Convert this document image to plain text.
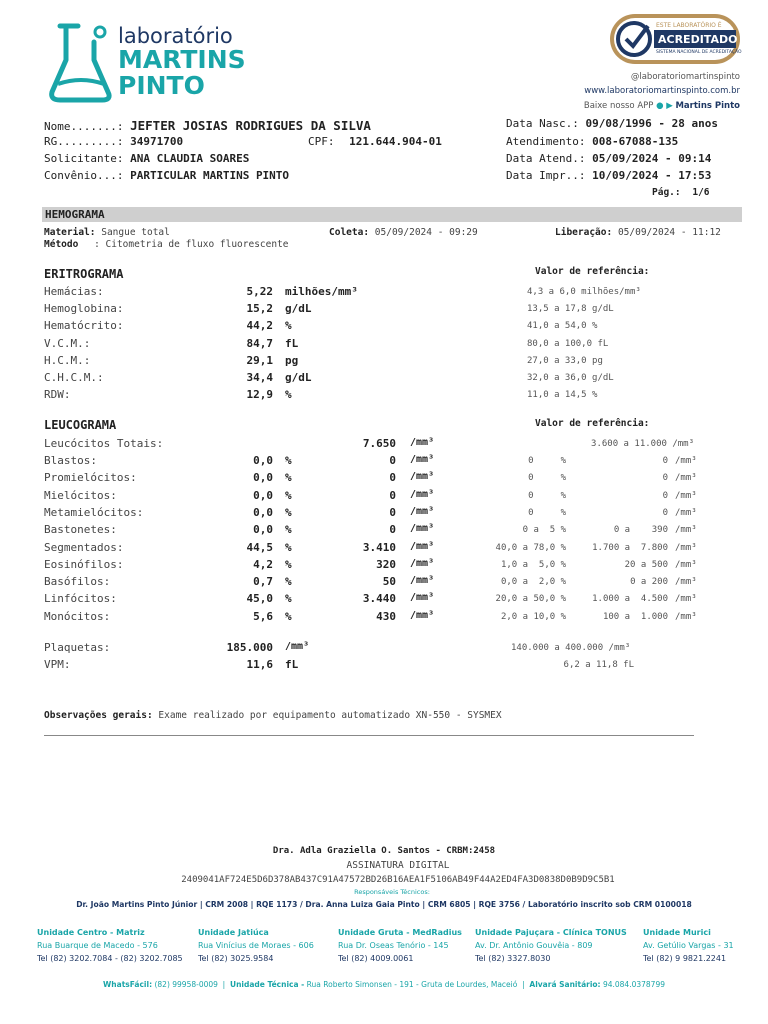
laboratório
MARTINS
PINTO
ESTE LABORATÓRIO É
ACREDITADO
SISTEMA NACIONAL DE ACREDITAÇÃO
@laboratoriomartinspinto
www.laboratoriomartinspinto.com.br
Baixe nosso APP ● ▶ Martins Pinto
Nome.......: JEFTER JOSIAS RODRIGUES DA SILVA
RG.........: 34971700	CPF: 121.644.904-01
Solicitante: ANA CLAUDIA SOARES
Convênio...: PARTICULAR MARTINS PINTO
Data Nasc.: 09/08/1996 - 28 anos
Atendimento: 008-67088-135
Data Atend.: 05/09/2024 - 09:14
Data Impr..: 10/09/2024 - 17:53
Pág.: 1/6
HEMOGRAMA
Material: Sangue total	Coleta: 05/09/2024 - 09:29	Liberação: 05/09/2024 - 11:12
Método : Citometria de fluxo fluorescente
ERITROGRAMA	Valor de referência:
Hemácias:	5,22 milhões/mm³	4,3 a 6,0 milhões/mm³
Hemoglobina:	15,2 g/dL	13,5 a 17,8 g/dL
Hematócrito:	44,2 %	41,0 a 54,0 %
V.C.M.:	84,7 fL	80,0 a 100,0 fL
H.C.M.:	29,1 pg	27,0 a 33,0 pg
C.H.C.M.:	34,4 g/dL	32,0 a 36,0 g/dL
RDW:	12,9 %	11,0 a 14,5 %
LEUCOGRAMA	Valor de referência:
Leucócitos Totais:	7.650 /mm³	3.600 a 11.000 /mm³
Blastos:	0,0 %	0 /mm³	0     %	0 /mm³
Promielócitos:	0,0 %	0 /mm³	0     %	0 /mm³
Mielócitos:	0,0 %	0 /mm³	0     %	0 /mm³
Metamielócitos:	0,0 %	0 /mm³	0     %	0 /mm³
Bastonetes:	0,0 %	0 /mm³	0 a  5 %	0 a    390 /mm³
Segmentados:	44,5 %	3.410 /mm³	40,0 a 78,0 %	1.700 a  7.800 /mm³
Eosinófilos:	4,2 %	320 /mm³	1,0 a  5,0 %	20 a 500 /mm³
Basófilos:	0,7 %	50 /mm³	0,0 a  2,0 %	0 a 200 /mm³
Linfócitos:	45,0 %	3.440 /mm³	20,0 a 50,0 %	1.000 a  4.500 /mm³
Monócitos:	5,6 %	430 /mm³	2,0 a 10,0 %	100 a  1.000 /mm³
Plaquetas:	185.000 /mm³	140.000 a 400.000 /mm³
VPM:	11,6 fL	6,2 a 11,8 fL
Observações gerais: Exame realizado por equipamento automatizado XN-550 - SYSMEX
Dra. Adla Graziella O. Santos - CRBM:2458
ASSINATURA DIGITAL
2409041AF724E5D6D378AB437C91A47572BD26B16AEA1F5106AB49F44A2ED4FA3D0838D0B9D9C5B1
Responsáveis Técnicos:
Dr. João Martins Pinto Júnior | CRM 2008 | RQE 1173 / Dra. Anna Luiza Gaia Pinto | CRM 6805 | RQE 3756 / Laboratório inscrito sob CRM 0100018
Unidade Centro - Matriz
Rua Buarque de Macedo - 576
Tel (82) 3202.7084 - (82) 3202.7085
Unidade Jatiúca
Rua Vinícius de Moraes - 606
Tel (82) 3025.9584
Unidade Gruta - MedRadius
Rua Dr. Oseas Tenório - 145
Tel (82) 4009.0061
Unidade Pajuçara - Clínica TONUS
Av. Dr. Antônio Gouvêia - 809
Tel (82) 3327.8030
Unidade Murici
Av. Getúlio Vargas - 31
Tel (82) 9 9821.2241
WhatsFácil: (82) 99958-0009  |  Unidade Técnica - Rua Roberto Simonsen - 191 - Gruta de Lourdes, Maceió  |  Alvará Sanitário: 94.084.0378799
